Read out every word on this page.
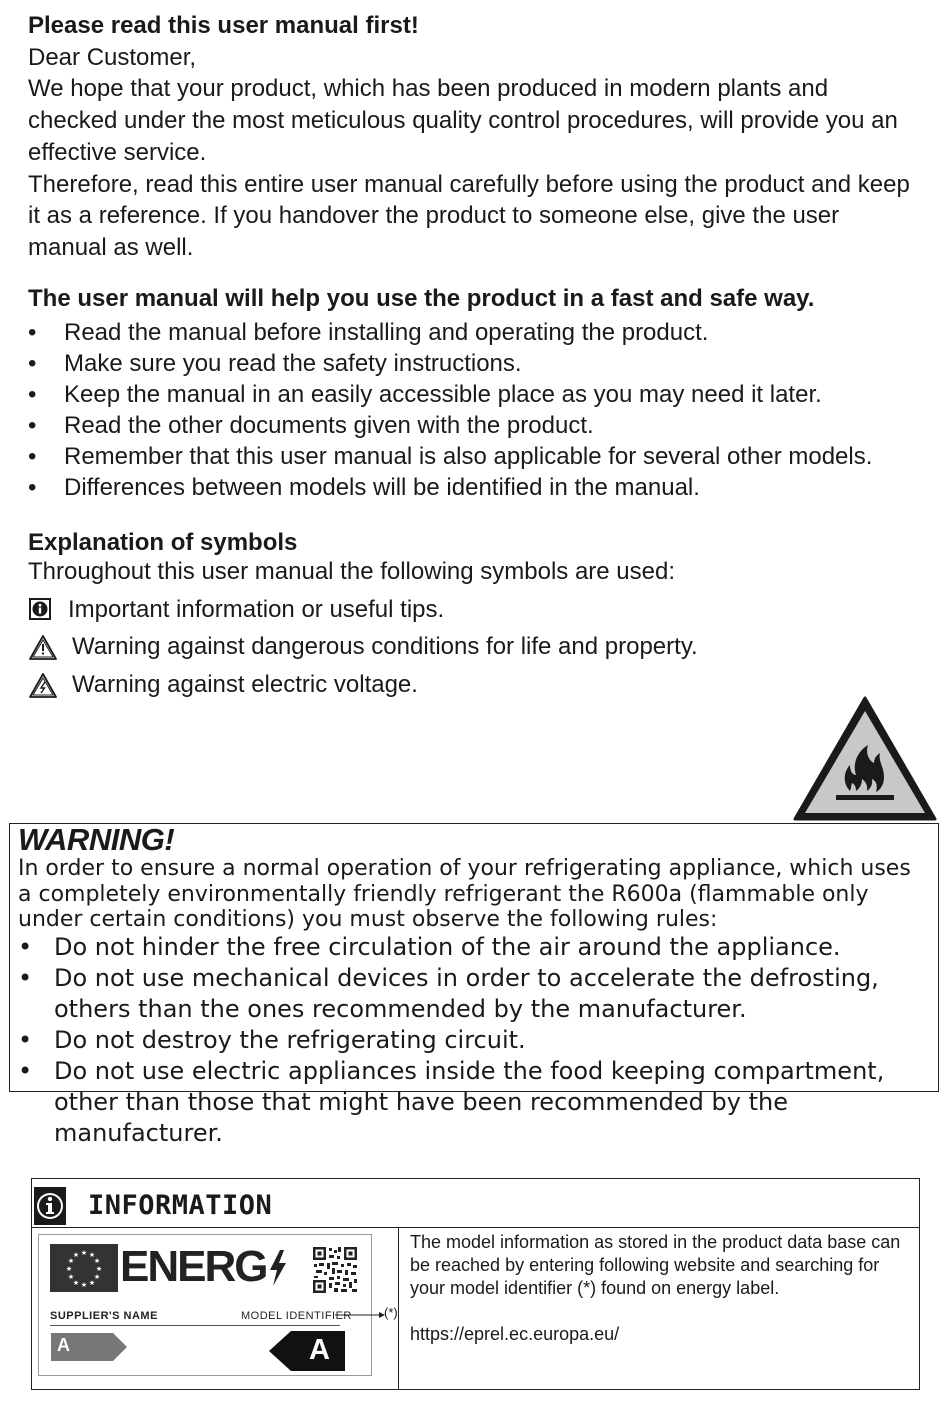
Please read this user manual first!
Dear Customer,
We hope that your product, which has been produced in modern plants and checked under the most meticulous quality control procedures, will provide you an effective service.
Therefore, read this entire user manual carefully before using the product and keep it as a reference. If you handover the product to someone else, give the user manual as well.
The user manual will help you use the product in a fast and safe way.
• Read the manual before installing and operating the product.
• Make sure you read the safety instructions.
• Keep the manual in an easily accessible place as you may need it later.
• Read the other documents given with the product.
• Remember that this user manual is also applicable for several other models.
• Differences between models will be identified in the manual.
Explanation of symbols
Throughout this user manual the following symbols are used:
Important information or useful tips.
Warning against dangerous conditions for life and property.
Warning against electric voltage.
WARNING!
In order to ensure a normal operation of your refrigerating appliance, which uses a completely environmentally friendly refrigerant the R600a (flammable only under certain conditions) you must observe the following rules:
• Do not hinder the free circulation of the air around the appliance.
• Do not use mechanical devices in order to accelerate the defrosting, others than the ones recommended by the manufacturer.
• Do not destroy the refrigerating circuit.
• Do not use electric appliances inside the food keeping compartment, other than those that might have been recommended by the manufacturer.
INFORMATION
The model information as stored in the product data base can be reached by entering following website and searching for your model identifier (*) found on energy label.
https://eprel.ec.europa.eu/
★ ★
★
★
★
★
★
★
★
★
★
★ ENERG
SUPPLIER'S NAME	MODEL IDENTIFIER (*)
A	A
